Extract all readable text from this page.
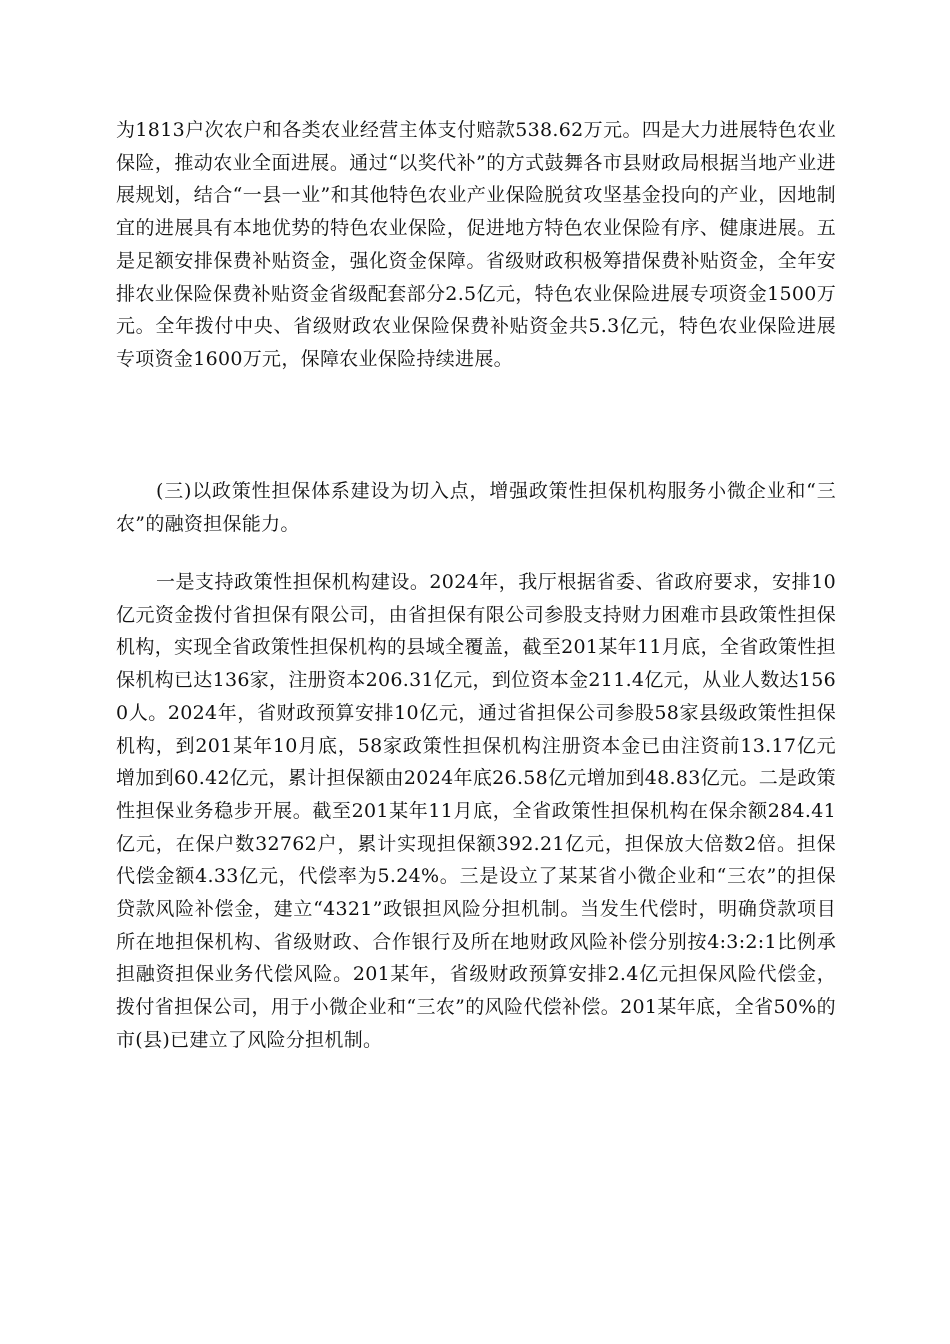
为1813户次农户和各类农业经营主体支付赔款538.62万元。四是大力进展特色农业保险，推动农业全面进展。通过“以奖代补”的方式鼓舞各市县财政局根据当地产业进展规划，结合“一县一业”和其他特色农业产业保险脱贫攻坚基金投向的产业，因地制宜的进展具有本地优势的特色农业保险，促进地方特色农业保险有序、健康进展。五是足额安排保费补贴资金，强化资金保障。省级财政积极筹措保费补贴资金，全年安排农业保险保费补贴资金省级配套部分2.5亿元，特色农业保险进展专项资金1500万元。全年拨付中央、省级财政农业保险保费补贴资金共5.3亿元，特色农业保险进展专项资金1600万元，保障农业保险持续进展。

(三)以政策性担保体系建设为切入点，增强政策性担保机构服务小微企业和“三农”的融资担保能力。

一是支持政策性担保机构建设。2024年，我厅根据省委、省政府要求，安排10亿元资金拨付省担保有限公司，由省担保有限公司参股支持财力困难市县政策性担保机构，实现全省政策性担保机构的县域全覆盖，截至201某年11月底，全省政策性担保机构已达136家，注册资本206.31亿元，到位资本金211.4亿元，从业人数达1560人。2024年，省财政预算安排10亿元，通过省担保公司参股58家县级政策性担保机构，到201某年10月底，58家政策性担保机构注册资本金已由注资前13.17亿元增加到60.42亿元，累计担保额由2024年底26.58亿元增加到48.83亿元。二是政策性担保业务稳步开展。截至201某年11月底，全省政策性担保机构在保余额284.41亿元，在保户数32762户，累计实现担保额392.21亿元，担保放大倍数2倍。担保代偿金额4.33亿元，代偿率为5.24%。三是设立了某某省小微企业和“三农”的担保贷款风险补偿金，建立“4321”政银担风险分担机制。当发生代偿时，明确贷款项目所在地担保机构、省级财政、合作银行及所在地财政风险补偿分别按4:3:2:1比例承担融资担保业务代偿风险。201某年，省级财政预算安排2.4亿元担保风险代偿金，拨付省担保公司，用于小微企业和“三农”的风险代偿补偿。201某年底，全省50%的市(县)已建立了风险分担机制。
